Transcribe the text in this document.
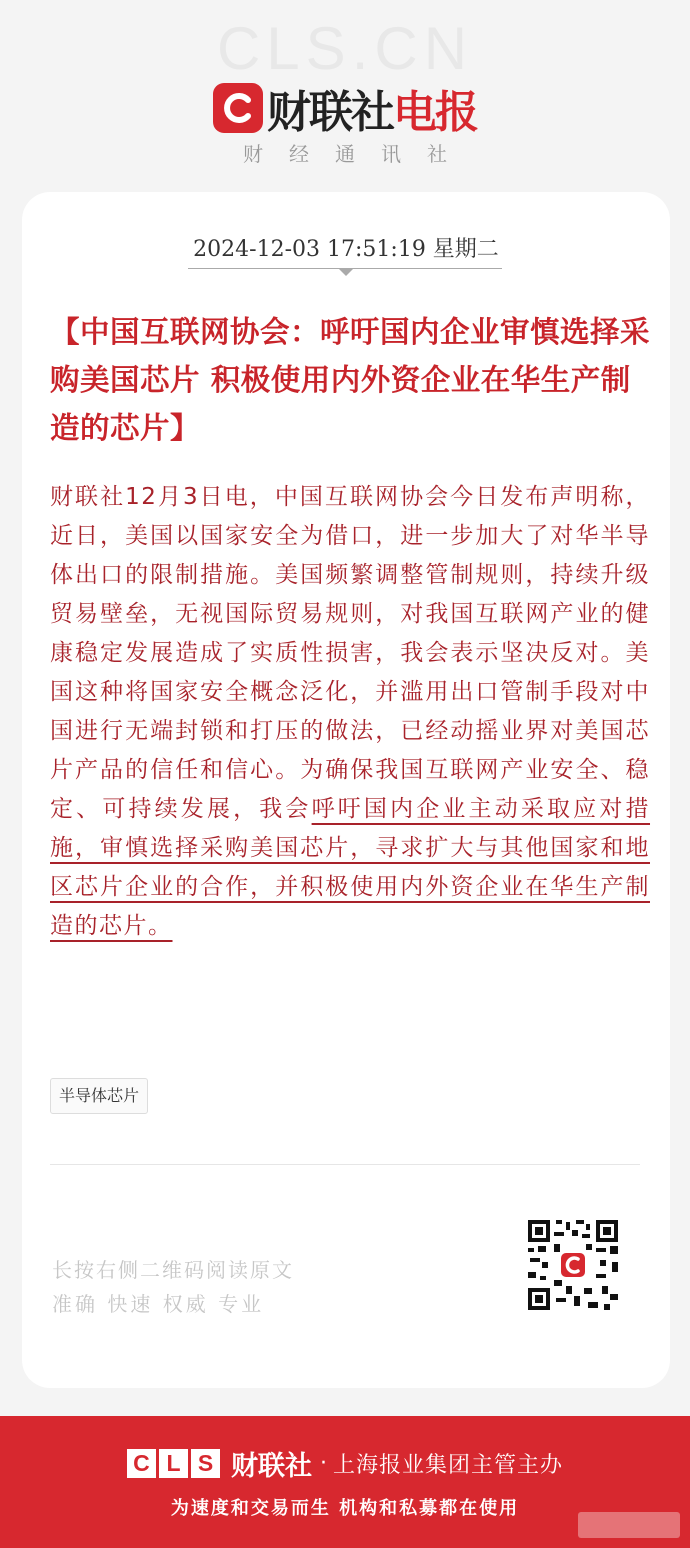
CLS.CN
财联社电报
财经通讯社
2024-12-03 17:51:19 星期二
【中国互联网协会：呼吁国内企业审慎选择采购美国芯片 积极使用内外资企业在华生产制造的芯片】
财联社12月3日电，中国互联网协会今日发布声明称，近日，美国以国家安全为借口，进一步加大了对华半导体出口的限制措施。美国频繁调整管制规则，持续升级贸易壁垒，无视国际贸易规则，对我国互联网产业的健康稳定发展造成了实质性损害，我会表示坚决反对。美国这种将国家安全概念泛化，并滥用出口管制手段对中国进行无端封锁和打压的做法，已经动摇业界对美国芯片产品的信任和信心。为确保我国互联网产业安全、稳定、可持续发展，我会呼吁国内企业主动采取应对措施，审慎选择采购美国芯片，寻求扩大与其他国家和地区芯片企业的合作，并积极使用内外资企业在华生产制造的芯片。
半导体芯片
长按右侧二维码阅读原文
准确 快速 权威 专业
C L S 财联社 · 上海报业集团主管主办
为速度和交易而生 机构和私募都在使用
